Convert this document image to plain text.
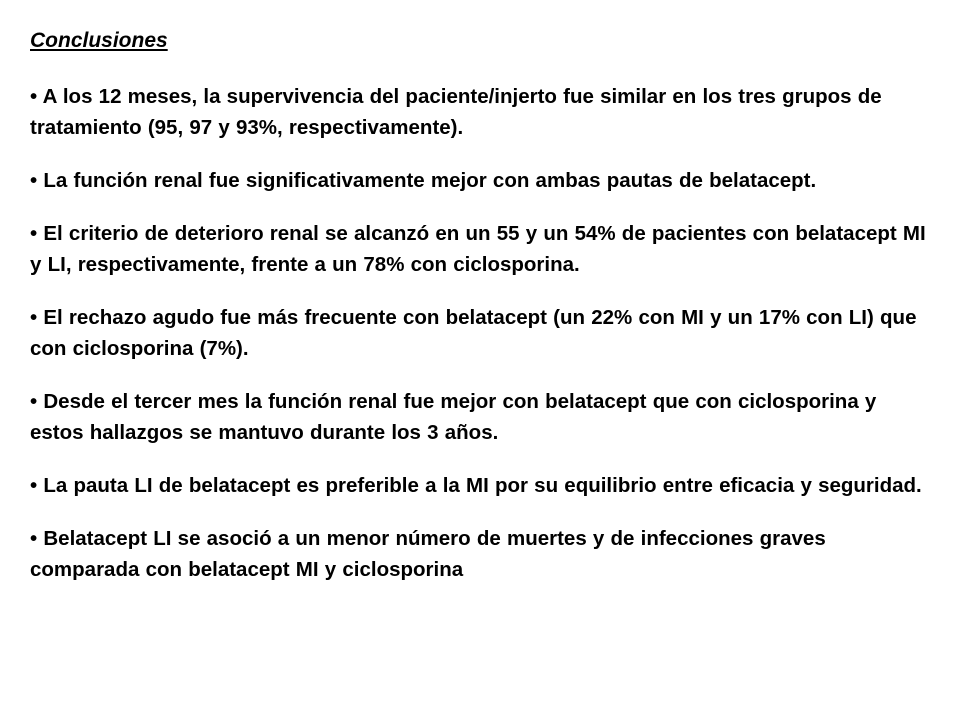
Conclusiones
• A los 12 meses, la supervivencia del paciente/injerto fue similar en los tres grupos de tratamiento (95, 97 y 93%, respectivamente).
• La función renal fue significativamente mejor con ambas pautas de belatacept.
• El criterio de deterioro renal se alcanzó en un 55 y un 54% de pacientes con belatacept MI y LI, respectivamente, frente a un 78% con ciclosporina.
• El rechazo agudo fue más frecuente con belatacept (un 22% con MI y un 17% con LI) que con ciclosporina (7%).
• Desde el tercer mes la función renal fue mejor con belatacept que con ciclosporina y estos hallazgos se mantuvo durante los 3 años.
• La pauta LI de belatacept es preferible a la MI por su equilibrio entre eficacia y seguridad.
• Belatacept LI se asoció a un menor número de muertes y de infecciones graves comparada con belatacept MI y ciclosporina
